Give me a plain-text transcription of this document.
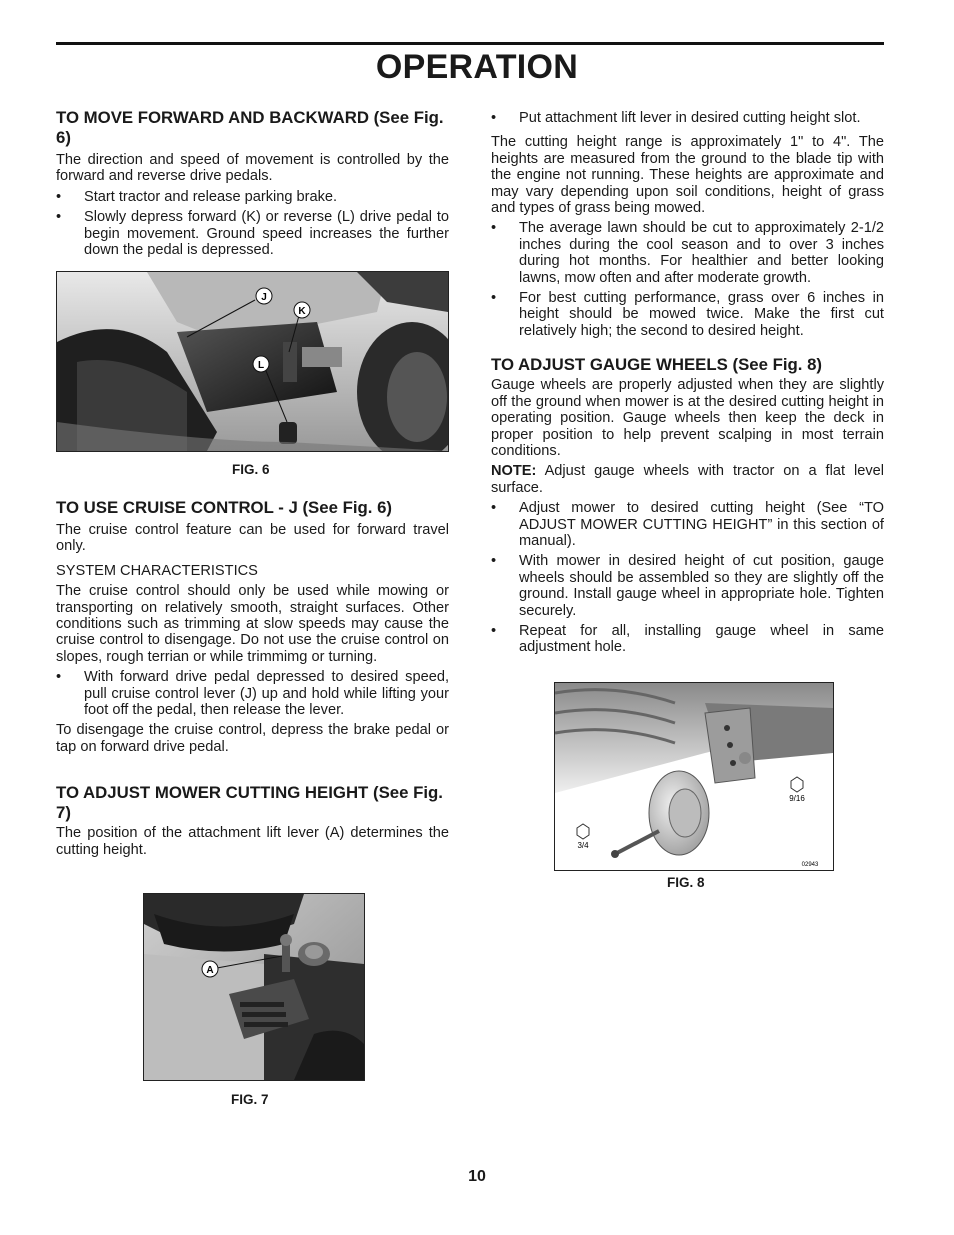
OPERATION
TO MOVE FORWARD AND BACKWARD (See Fig. 6)

The direction and speed of movement is controlled by the forward and reverse drive pedals.

• Start tractor and release parking brake.
• Slowly depress forward (K) or reverse (L) drive pedal to begin movement. Ground speed increases the further down the pedal is depressed.
J
K
L
FIG. 6
TO USE CRUISE CONTROL - J (See Fig. 6)

The cruise control feature can be used for forward travel only.

SYSTEM CHARACTERISTICS

The cruise control should only be used while mowing or transporting on relatively smooth, straight surfaces. Other conditions such as trimming at slow speeds may cause the cruise control to disengage. Do not use the cruise control on slopes, rough terrian or while trimmimg or turning.

• With forward drive pedal depressed to desired speed, pull cruise control lever (J) up and hold while lifting your foot off the pedal, then release the lever.

To disengage the cruise control, depress the brake pedal or tap on forward drive pedal.

TO ADJUST MOWER CUTTING HEIGHT (See Fig. 7)

The position of the attachment lift lever (A) determines the cutting height.

A
FIG. 7
• Put attachment lift lever in desired cutting height slot.

The cutting height range is approximately 1" to 4". The heights are measured from the ground to the blade tip with the engine not running. These heights are approximate and may vary depending upon soil conditions, height of grass and types of grass being mowed.

• The average lawn should be cut to approximately 2-1/2 inches during the cool season and to over 3 inches during hot months. For healthier and better looking lawns, mow often and after moderate growth.
• For best cutting performance, grass over 6 inches in height should be mowed twice. Make the first cut relatively high; the second to desired height.
TO ADJUST GAUGE WHEELS (See Fig. 8)

Gauge wheels are properly adjusted when they are slightly off the ground when mower is at the desired cutting height in operating position. Gauge wheels then keep the deck in proper position to help prevent scalping in most terrain conditions.

NOTE: Adjust gauge wheels with tractor on a flat level surface.

• Adjust mower to desired cutting height (See “TO ADJUST MOWER CUTTING HEIGHT” in this section of manual).
• With mower in desired height of cut position, gauge wheels should be assembled so they are slightly off the ground. Install gauge wheel in appropriate hole. Tighten securely.
• Repeat for all, installing gauge wheel in same adjustment hole.
9/16
3/4
02943
FIG. 8
10
